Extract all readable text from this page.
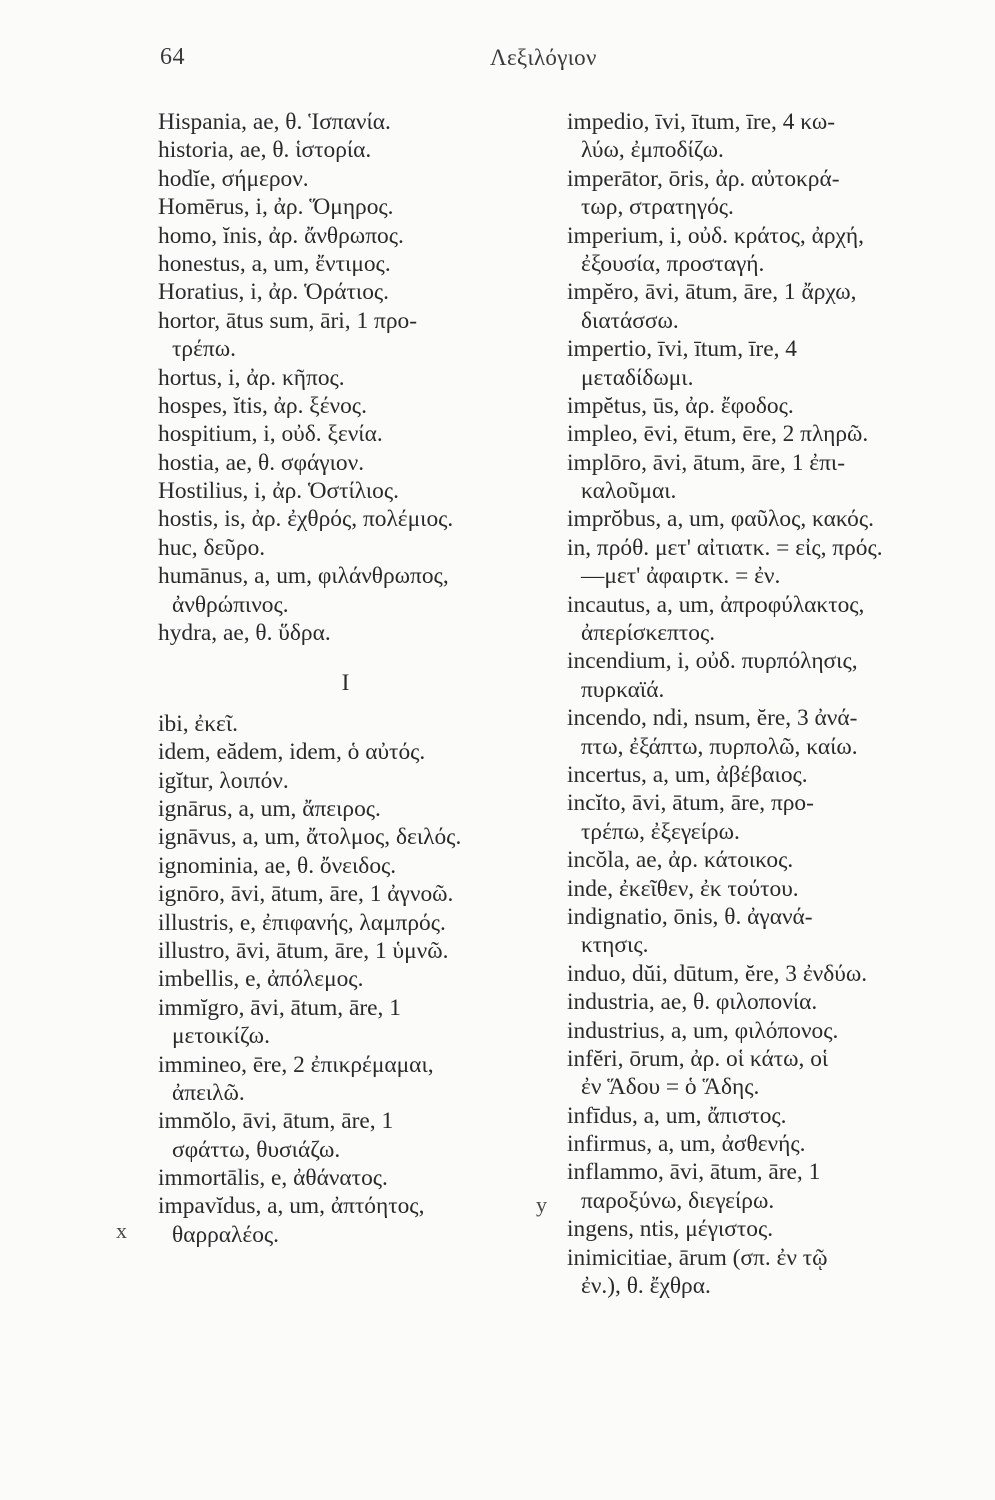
64	Λεξιλόγιον
Hispania, ae, θ. Ἱσπανία.
historia, ae, θ. ἱστορία.
hodĭe, σήμερον.
Homērus, i, ἀρ. Ὅμηρος.
homo, ĭnis, ἀρ. ἄνθρωπος.
honestus, a, um, ἔντιμος.
Horatius, i, ἀρ. Ὁράτιος.
hortor, ātus sum, āri, 1 προ-
τρέπω.
hortus, i, ἀρ. κῆπος.
hospes, ĭtis, ἀρ. ξένος.
hospitium, i, οὐδ. ξενία.
hostia, ae, θ. σφάγιον.
Hostilius, i, ἀρ. Ὁστίλιος.
hostis, is, ἀρ. ἐχθρός, πολέμιος.
huc, δεῦρο.
humānus, a, um, φιλάνθρωπος,
ἀνθρώπινος.
hydra, ae, θ. ὕδρα.
I
ibi, ἐκεῖ.
idem, eădem, idem, ὁ αὐτός.
igĭtur, λοιπόν.
ignārus, a, um, ἄπειρος.
ignāvus, a, um, ἄτολμος, δειλός.
ignominia, ae, θ. ὄνειδος.
ignōro, āvi, ātum, āre, 1 ἀγνοῶ.
illustris, e, ἐπιφανής, λαμπρός.
illustro, āvi, ātum, āre, 1 ὑμνῶ.
imbellis, e, ἀπόλεμος.
immĭgro, āvi, ātum, āre, 1
μετοικίζω.
immineo, ēre, 2 ἐπικρέμαμαι,
ἀπειλῶ.
immŏlo, āvi, ātum, āre, 1
σφάττω, θυσιάζω.
immortālis, e, ἀθάνατος.
impavĭdus, a, um, ἀπτόητος,
θαρραλέος.
impedio, īvi, ītum, īre, 4 κω-
λύω, ἐμποδίζω.
imperātor, ōris, ἀρ. αὐτοκρά-
τωρ, στρατηγός.
imperium, i, οὐδ. κράτος, ἀρχή,
ἐξουσία, προσταγή.
impĕro, āvi, ātum, āre, 1 ἄρχω,
διατάσσω.
impertio, īvi, ītum, īre, 4
μεταδίδωμι.
impĕtus, ūs, ἀρ. ἔφοδος.
impleo, ēvi, ētum, ēre, 2 πληρῶ.
implōro, āvi, ātum, āre, 1 ἐπι-
καλοῦμαι.
imprŏbus, a, um, φαῦλος, κακός.
in, πρόθ. μετ' αἰτιατκ. = εἰς, πρός.
—μετ' ἀφαιρτκ. = ἐν.
incautus, a, um, ἀπροφύλακτος,
ἀπερίσκεπτος.
incendium, i, οὐδ. πυρπόλησις,
πυρκαϊά.
incendo, ndi, nsum, ĕre, 3 ἀνά-
πτω, ἐξάπτω, πυρπολῶ, καίω.
incertus, a, um, ἀβέβαιος.
incĭto, āvi, ātum, āre, προ-
τρέπω, ἐξεγείρω.
incŏla, ae, ἀρ. κάτοικος.
inde, ἐκεῖθεν, ἐκ τούτου.
indignatio, ōnis, θ. ἀγανά-
κτησις.
induo, dŭi, dūtum, ĕre, 3 ἐνδύω.
industria, ae, θ. φιλοπονία.
industrius, a, um, φιλόπονος.
infĕri, ōrum, ἀρ. οἱ κάτω, οἱ
ἐν Ἅδου = ὁ Ἅδης.
infīdus, a, um, ἄπιστος.
infirmus, a, um, ἀσθενής.
inflammo, āvi, ātum, āre, 1
παροξύνω, διεγείρω.
ingens, ntis, μέγιστος.
inimicitiae, ārum (σπ. ἐν τῷ
ἐν.), θ. ἔχθρα.
x
y
